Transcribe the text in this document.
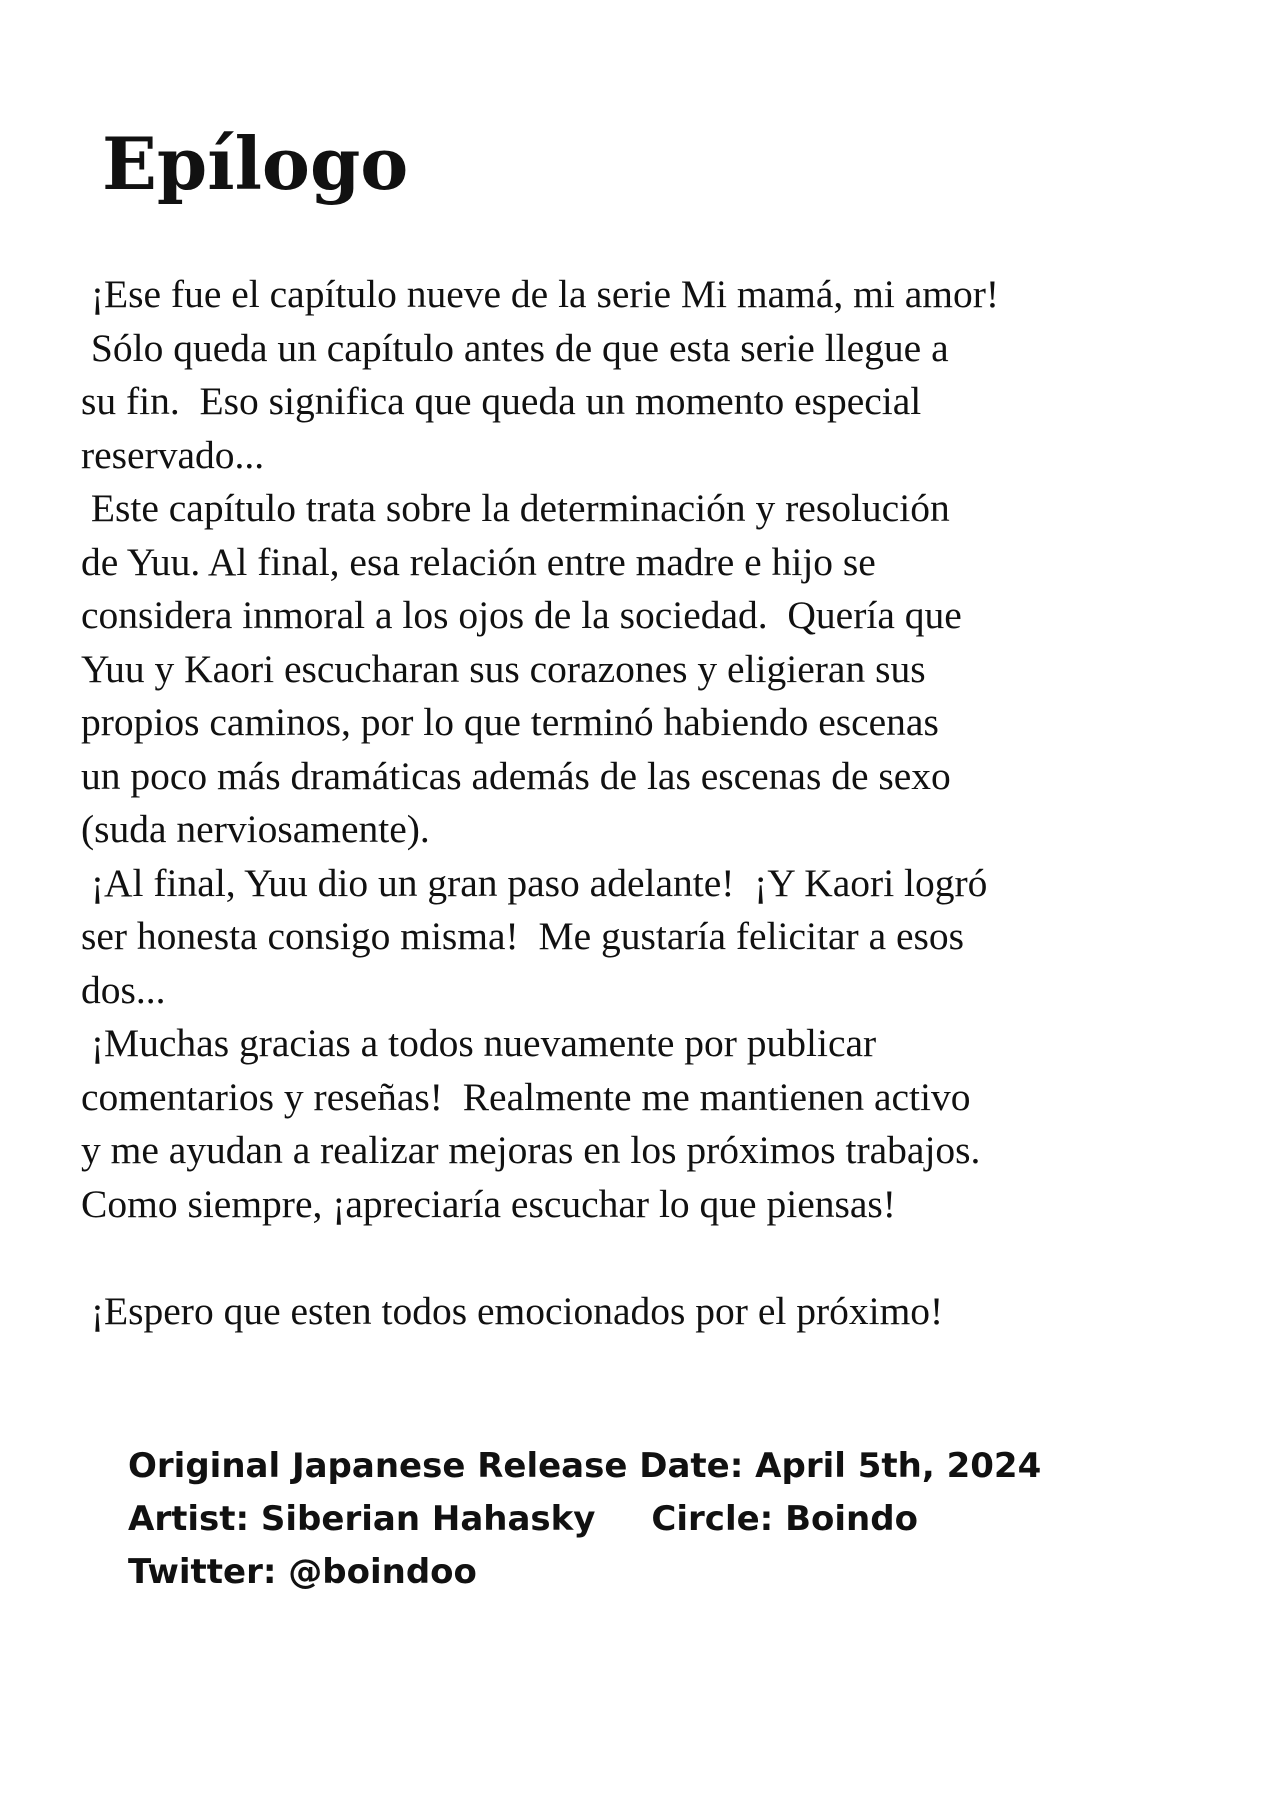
Epílogo
¡Ese fue el capítulo nueve de la serie Mi mamá, mi amor!
Sólo queda un capítulo antes de que esta serie llegue a
su fin.  Eso significa que queda un momento especial
reservado...
Este capítulo trata sobre la determinación y resolución
de Yuu. Al final, esa relación entre madre e hijo se
considera inmoral a los ojos de la sociedad.  Quería que
Yuu y Kaori escucharan sus corazones y eligieran sus
propios caminos, por lo que terminó habiendo escenas
un poco más dramáticas además de las escenas de sexo
(suda nerviosamente).
¡Al final, Yuu dio un gran paso adelante!  ¡Y Kaori logró
ser honesta consigo misma!  Me gustaría felicitar a esos
dos...
¡Muchas gracias a todos nuevamente por publicar
comentarios y reseñas!  Realmente me mantienen activo
y me ayudan a realizar mejoras en los próximos trabajos.
Como siempre, ¡apreciaría escuchar lo que piensas!
¡Espero que esten todos emocionados por el próximo!
Original Japanese Release Date: April 5th, 2024
Artist: Siberian Hahasky Circle: Boindo
Twitter: @boindoo
